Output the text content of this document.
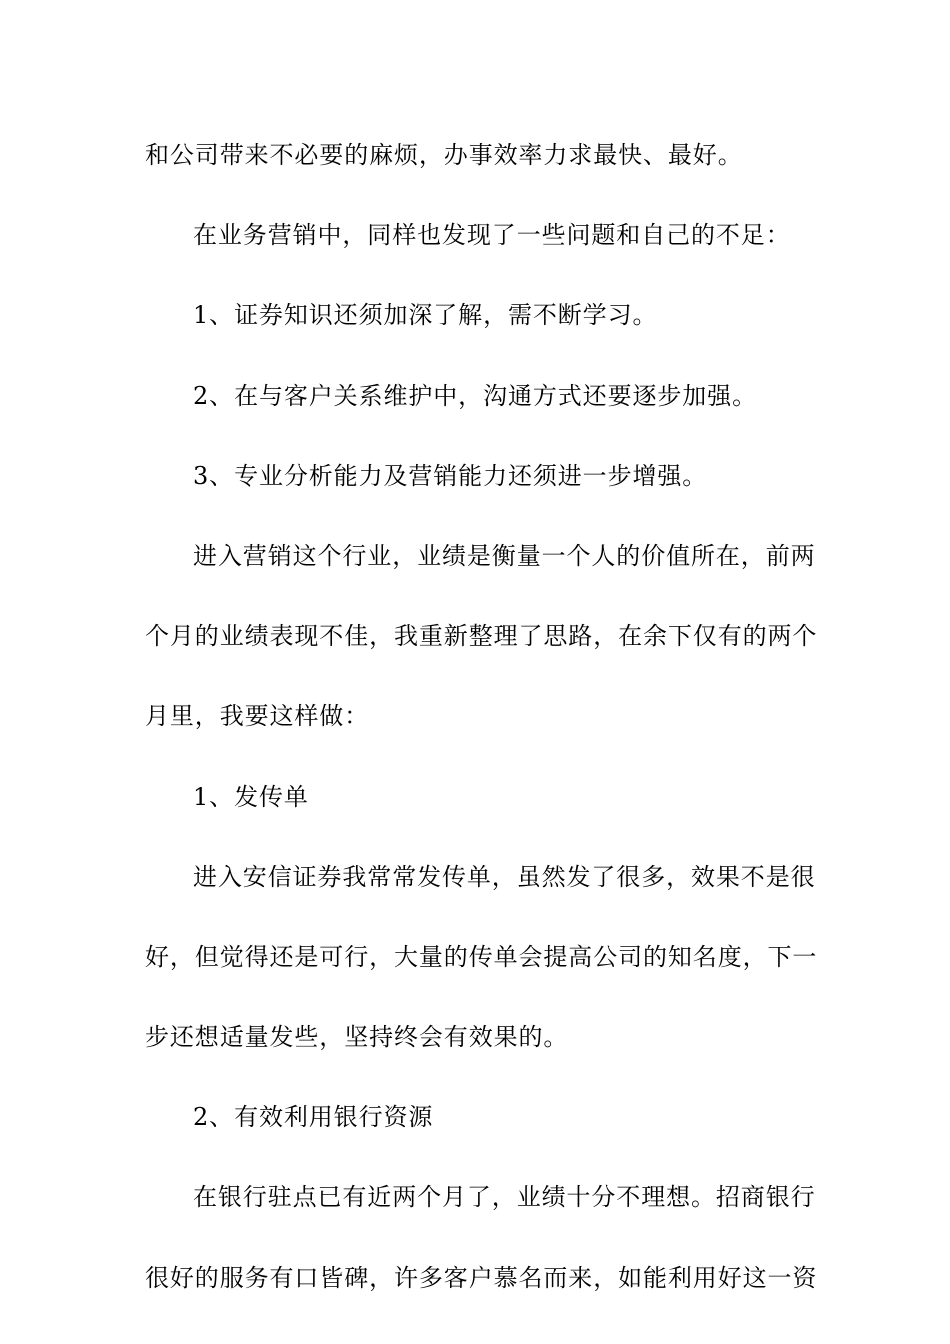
和公司带来不必要的麻烦，办事效率力求最快、最好。
在业务营销中，同样也发现了一些问题和自己的不足：
1、证券知识还须加深了解，需不断学习。
2、在与客户关系维护中，沟通方式还要逐步加强。
3、专业分析能力及营销能力还须进一步增强。
进入营销这个行业，业绩是衡量一个人的价值所在，前两
个月的业绩表现不佳，我重新整理了思路，在余下仅有的两个
月里，我要这样做：
1、发传单
进入安信证券我常常发传单，虽然发了很多，效果不是很
好，但觉得还是可行，大量的传单会提高公司的知名度，下一
步还想适量发些，坚持终会有效果的。
2、有效利用银行资源
在银行驻点已有近两个月了，业绩十分不理想。招商银行
很好的服务有口皆碑，许多客户慕名而来，如能利用好这一资
